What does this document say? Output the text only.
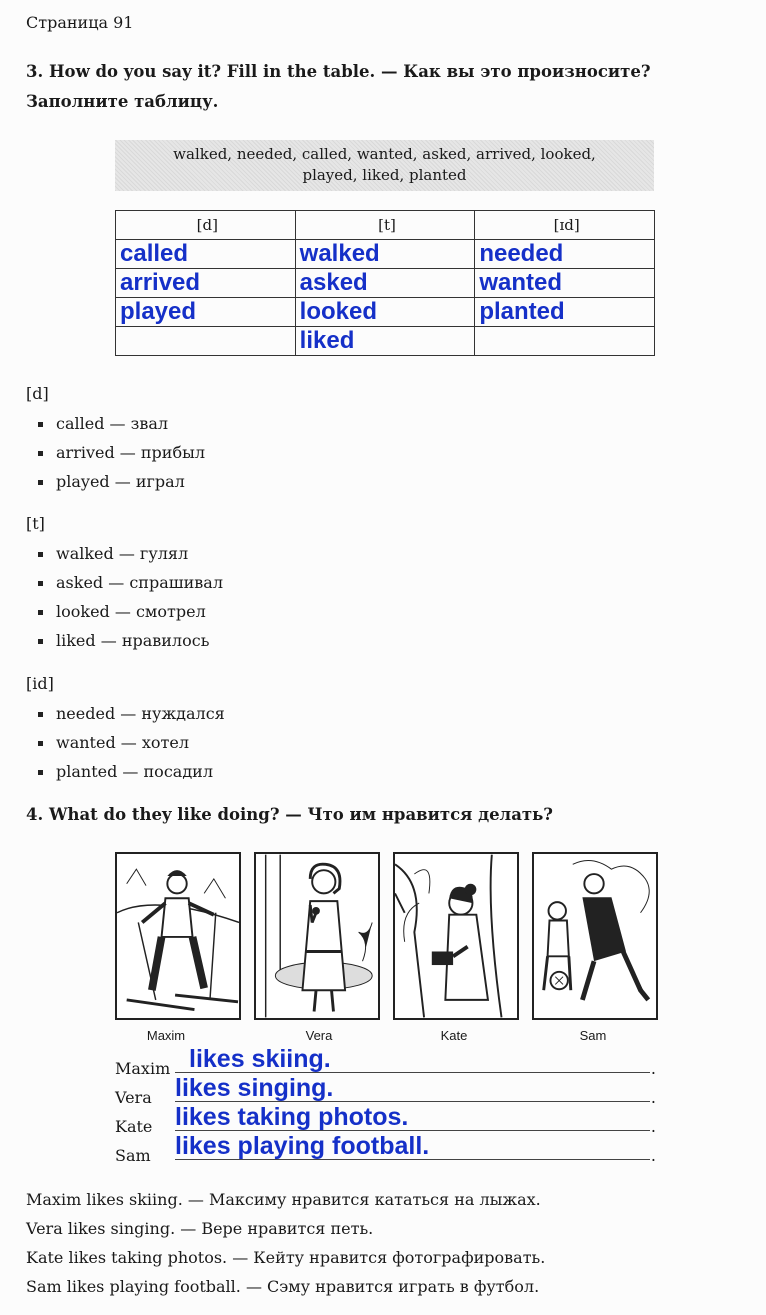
Страница 91
3. How do you say it? Fill in the table. — Как вы это произносите? Заполните таблицу.
walked, needed, called, wanted, asked, arrived, looked,
played, liked, planted
[d]	[t]	[ɪd]
called	walked	needed
arrived	asked	wanted
played	looked	planted
	liked	
[d]
called — звал
arrived — прибыл
played — играл
[t]
walked — гулял
asked — спрашивал
looked — смотрел
liked — нравилось
[id]
needed — нуждался
wanted — хотел
planted — посадил
4. What do they like doing? — Что им нравится делать?
Maxim	Vera	Kate	Sam
Maxim likes skiing.	.
Vera likes singing.	.
Kate likes taking photos.	.
Sam likes playing football.	.
Maxim likes skiing. — Максиму нравится кататься на лыжах.
Vera likes singing. — Вере нравится петь.
Kate likes taking photos. — Кейту нравится фотографировать.
Sam likes playing football. — Сэму нравится играть в футбол.
